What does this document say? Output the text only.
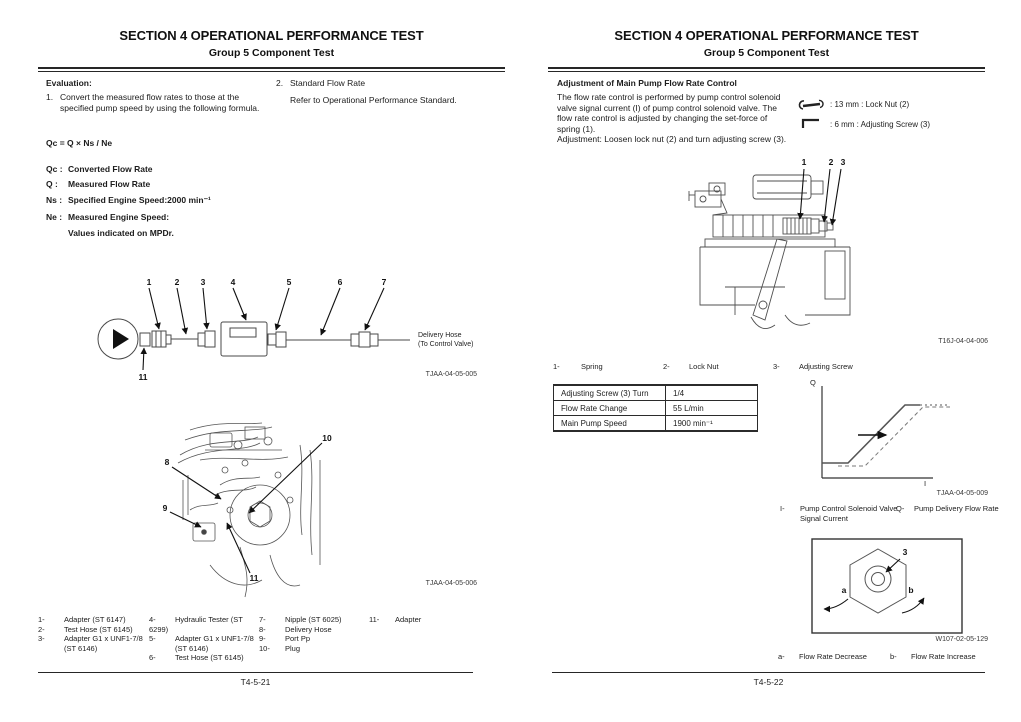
SECTION 4 OPERATIONAL PERFORMANCE TEST
Group 5 Component Test
Evaluation:
1. Convert the measured flow rates to those at the specified pump speed by using the following formula.
2. Standard Flow Rate
Refer to Operational Performance Standard.
Qc = Q × Ns / Ne
Qc : Converted Flow Rate
Q : Measured Flow Rate
Ns : Specified Engine Speed:2000 min⁻¹
Ne : Measured Engine Speed:
Values indicated on MPDr.
1	2	3	4	5	6	7
11
Delivery Hose
(To Control Valve)
TJAA-04-05-005
8
9
10
11
TJAA-04-05-006
1-	Adapter (ST 6147)
2-	Test Hose (ST 6145)
3-	Adapter G1 x UNF1-7/8
(ST 6146)
4-	Hydraulic Tester (ST 6299)
5-	Adapter G1 x UNF1-7/8
(ST 6146)
6-	Test Hose (ST 6145)
7-	Nipple (ST 6025)
8-	Delivery Hose
9-	Port Pp
10- Plug
11- Adapter
T4-5-21
SECTION 4 OPERATIONAL PERFORMANCE TEST
Group 5 Component Test
Adjustment of Main Pump Flow Rate Control
The flow rate control is performed by pump control solenoid valve signal current (I) of pump control solenoid valve. The flow rate control is adjusted by changing the set-force of spring (1).
Adjustment: Loosen lock nut (2) and turn adjusting screw (3).
: 13 mm : Lock Nut (2)
: 6 mm : Adjusting Screw (3)
1	2 3
T16J-04-04-006
1-	Spring	2-	Lock Nut	3-	Adjusting Screw
Adjusting Screw (3) Turn	1/4
Flow Rate Change	55 L/min
Main Pump Speed	1900 min⁻¹
Q
I
TJAA-04-05-009
I- Pump Control Solenoid Valve
Signal Current
Q- Pump Delivery Flow Rate
3
a	b
W107-02-05-129
a- Flow Rate Decrease	b- Flow Rate Increase
T4-5-22
